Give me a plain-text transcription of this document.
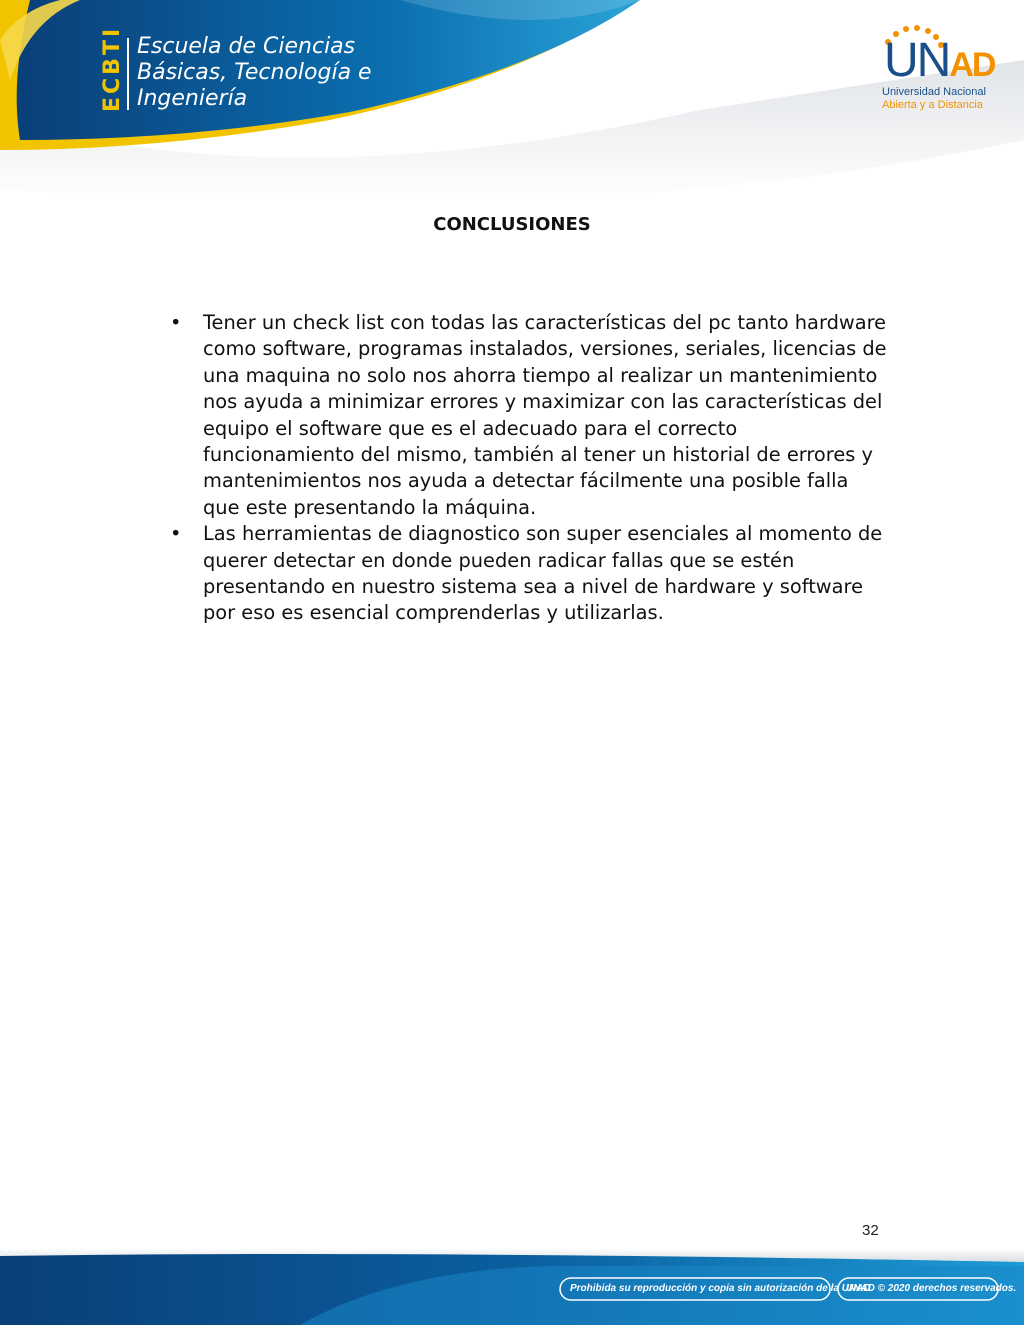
ECBTI Escuela de Ciencias
Básicas, Tecnología e
Ingeniería
UNAD
Universidad Nacional
Abierta y a Distancia
CONCLUSIONES
• Tener un check list con todas las características del pc tanto hardware como software, programas instalados, versiones, seriales, licencias de una maquina no solo nos ahorra tiempo al realizar un mantenimiento nos ayuda a minimizar errores y maximizar con las características del equipo el software que es el adecuado para el correcto funcionamiento del mismo, también al tener un historial de errores y mantenimientos nos ayuda a detectar fácilmente una posible falla que este presentando la máquina.
• Las herramientas de diagnostico son super esenciales al momento de querer detectar en donde pueden radicar fallas que se estén presentando en nuestro sistema sea a nivel de hardware y software por eso es esencial comprenderlas y utilizarlas.
32
Prohibida su reproducción y copia sin autorización de la UNAD.
UNAD © 2020 derechos reservados.
